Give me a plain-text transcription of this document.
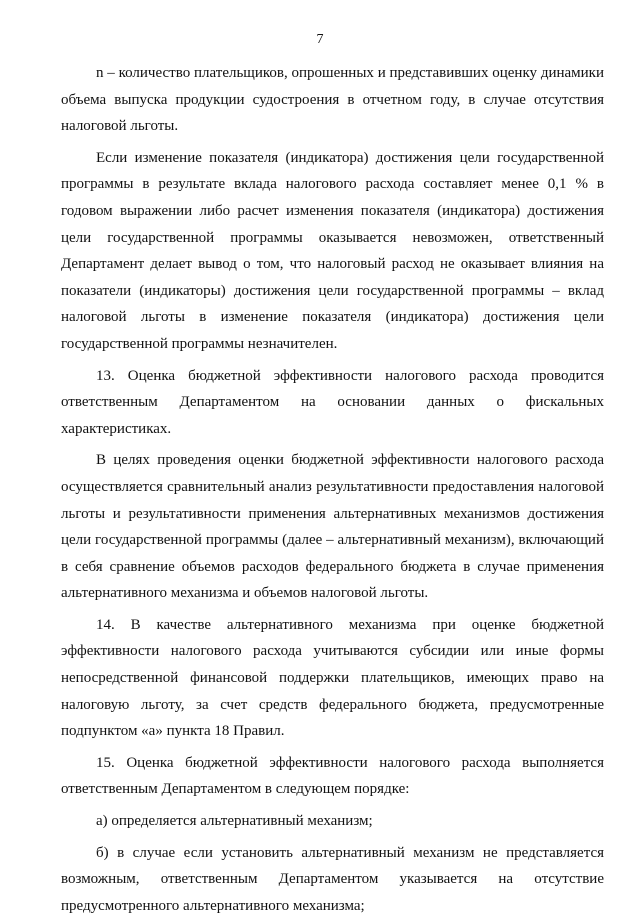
7

n – количество плательщиков, опрошенных и представивших оценку динамики объема выпуска продукции судостроения в отчетном году, в случае отсутствия налоговой льготы.

Если изменение показателя (индикатора) достижения цели государственной программы в результате вклада налогового расхода составляет менее 0,1 % в годовом выражении либо расчет изменения показателя (индикатора) достижения цели государственной программы оказывается невозможен, ответственный Департамент делает вывод о том, что налоговый расход не оказывает влияния на показатели (индикаторы) достижения цели государственной программы – вклад налоговой льготы в изменение показателя (индикатора) достижения цели государственной программы незначителен.

13. Оценка бюджетной эффективности налогового расхода проводится ответственным Департаментом на основании данных о фискальных характеристиках.

В целях проведения оценки бюджетной эффективности налогового расхода осуществляется сравнительный анализ результативности предоставления налоговой льготы и результативности применения альтернативных механизмов достижения цели государственной программы (далее – альтернативный механизм), включающий в себя сравнение объемов расходов федерального бюджета в случае применения альтернативного механизма и объемов налоговой льготы.

14. В качестве альтернативного механизма при оценке бюджетной эффективности налогового расхода учитываются субсидии или иные формы непосредственной финансовой поддержки плательщиков, имеющих право на налоговую льготу, за счет средств федерального бюджета, предусмотренные подпунктом «а» пункта 18 Правил.

15. Оценка бюджетной эффективности налогового расхода выполняется ответственным Департаментом в следующем порядке:

а) определяется альтернативный механизм;

б) в случае если установить альтернативный механизм не представляется возможным, ответственным Департаментом указывается на отсутствие предусмотренного альтернативного механизма;
